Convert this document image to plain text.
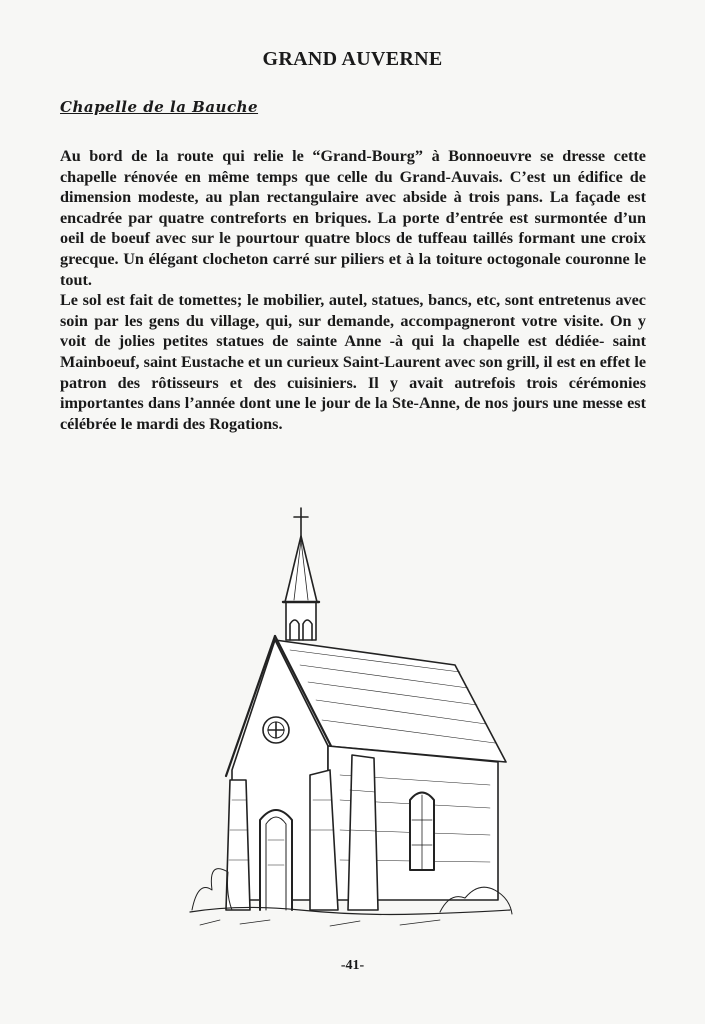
GRAND AUVERNE
Chapelle de la Bauche

Au bord de la route qui relie le “Grand-Bourg” à Bonnoeuvre se dresse cette chapelle rénovée en même temps que celle du Grand-Auvais. C’est un édifice de dimension modeste, au plan rectangulaire avec abside à trois pans. La façade est encadrée par quatre contreforts en briques. La porte d’entrée est surmontée d’un oeil de boeuf avec sur le pourtour quatre blocs de tuffeau taillés formant une croix grecque. Un élégant clocheton carré sur piliers et à la toiture octogonale couronne le tout.

Le sol est fait de tomettes; le mobilier, autel, statues, bancs, etc, sont entretenus avec soin par les gens du village, qui, sur demande, accompagneront votre visite. On y voit de jolies petites statues de sainte Anne -à qui la chapelle est dédiée- saint Mainboeuf, saint Eustache et un curieux Saint-Laurent avec son grill, il est en effet le patron des rôtisseurs et des cuisiniers. Il y avait autrefois trois cérémonies importantes dans l’année dont une le jour de la Ste-Anne, de nos jours une messe est célébrée le mardi des Rogations.

-41-
